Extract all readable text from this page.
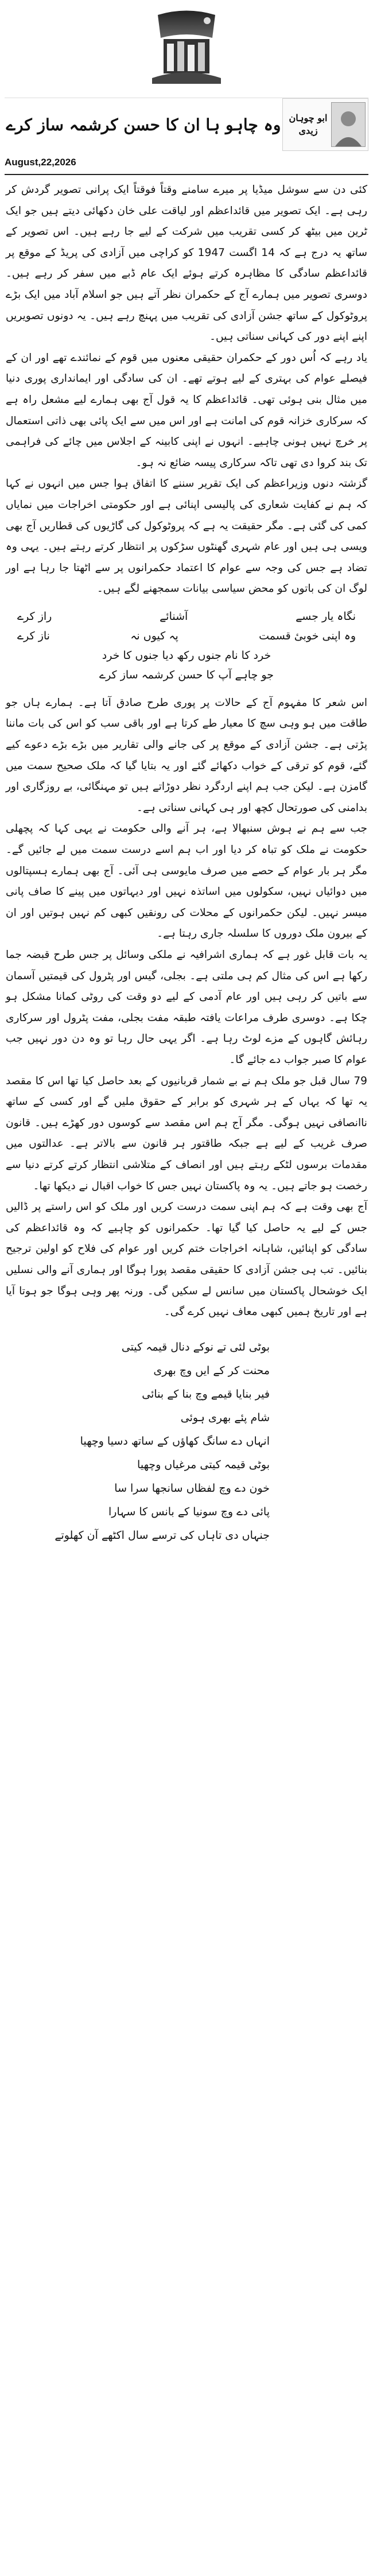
وہ چاہو ہا ان کا حسن کرشمہ ساز کرے ابو چوہان زیدی
August,22,2026

کئی دن سے سوشل میڈیا پر میرے سامنے وقتاً فوقتاً ایک پرانی تصویر گردش کر رہی ہے۔ ایک تصویر میں قائداعظم اور لیاقت علی خان دکھائی دیتے ہیں جو ایک ٹرین میں بیٹھ کر کسی تقریب میں شرکت کے لیے جا رہے ہیں۔ اس تصویر کے ساتھ یہ درج ہے کہ 14 اگست 1947 کو کراچی میں آزادی کی پریڈ کے موقع پر قائداعظم سادگی کا مظاہرہ کرتے ہوئے ایک عام ڈبے میں سفر کر رہے ہیں۔ دوسری تصویر میں ہمارے آج کے حکمران نظر آتے ہیں جو اسلام آباد میں ایک بڑے پروٹوکول کے ساتھ جشن آزادی کی تقریب میں پہنچ رہے ہیں۔ یہ دونوں تصویریں اپنے اپنے دور کی کہانی سناتی ہیں۔

یاد رہے کہ اُس دور کے حکمران حقیقی معنوں میں قوم کے نمائندے تھے اور ان کے فیصلے عوام کی بہتری کے لیے ہوتے تھے۔ ان کی سادگی اور ایمانداری پوری دنیا میں مثال بنی ہوئی تھی۔ قائداعظم کا یہ قول آج بھی ہمارے لیے مشعل راہ ہے کہ سرکاری خزانہ قوم کی امانت ہے اور اس میں سے ایک پائی بھی ذاتی استعمال پر خرچ نہیں ہونی چاہیے۔ انہوں نے اپنی کابینہ کے اجلاس میں چائے کی فراہمی تک بند کروا دی تھی تاکہ سرکاری پیسہ ضائع نہ ہو۔

گزشتہ دنوں وزیراعظم کی ایک تقریر سننے کا اتفاق ہوا جس میں انہوں نے کہا کہ ہم نے کفایت شعاری کی پالیسی اپنائی ہے اور حکومتی اخراجات میں نمایاں کمی کی گئی ہے۔ مگر حقیقت یہ ہے کہ پروٹوکول کی گاڑیوں کی قطاریں آج بھی ویسی ہی ہیں اور عام شہری گھنٹوں سڑکوں پر انتظار کرتے رہتے ہیں۔ یہی وہ تضاد ہے جس کی وجہ سے عوام کا اعتماد حکمرانوں پر سے اٹھتا جا رہا ہے اور لوگ ان کی باتوں کو محض سیاسی بیانات سمجھنے لگے ہیں۔

نگاہ یار جسے
آشنائے
راز کرے
وہ اپنی خوبیٔ قسمت
پہ کیوں نہ
ناز کرے
خرد کا نام جنوں رکھ دیا جنوں کا خرد
جو چاہے آپ کا حسن کرشمہ ساز کرے

اس شعر کا مفہوم آج کے حالات پر پوری طرح صادق آتا ہے۔ ہمارے ہاں جو طاقت میں ہو وہی سچ کا معیار طے کرتا ہے اور باقی سب کو اس کی بات ماننا پڑتی ہے۔ جشن آزادی کے موقع پر کی جانے والی تقاریر میں بڑے بڑے دعوے کیے گئے، قوم کو ترقی کے خواب دکھائے گئے اور یہ بتایا گیا کہ ملک صحیح سمت میں گامزن ہے۔ لیکن جب ہم اپنے اردگرد نظر دوڑاتے ہیں تو مہنگائی، بے روزگاری اور بدامنی کی صورتحال کچھ اور ہی کہانی سناتی ہے۔

جب سے ہم نے ہوش سنبھالا ہے، ہر آنے والی حکومت نے یہی کہا کہ پچھلی حکومت نے ملک کو تباہ کر دیا اور اب ہم اسے درست سمت میں لے جائیں گے۔ مگر ہر بار عوام کے حصے میں صرف مایوسی ہی آئی۔ آج بھی ہمارے ہسپتالوں میں دوائیاں نہیں، سکولوں میں اساتذہ نہیں اور دیہاتوں میں پینے کا صاف پانی میسر نہیں۔ لیکن حکمرانوں کے محلات کی رونقیں کبھی کم نہیں ہوتیں اور ان کے بیرون ملک دوروں کا سلسلہ جاری رہتا ہے۔

یہ بات قابل غور ہے کہ ہماری اشرافیہ نے ملکی وسائل پر جس طرح قبضہ جما رکھا ہے اس کی مثال کم ہی ملتی ہے۔ بجلی، گیس اور پٹرول کی قیمتیں آسمان سے باتیں کر رہی ہیں اور عام آدمی کے لیے دو وقت کی روٹی کمانا مشکل ہو چکا ہے۔ دوسری طرف مراعات یافتہ طبقہ مفت بجلی، مفت پٹرول اور سرکاری رہائش گاہوں کے مزے لوٹ رہا ہے۔ اگر یہی حال رہا تو وہ دن دور نہیں جب عوام کا صبر جواب دے جائے گا۔

79 سال قبل جو ملک ہم نے بے شمار قربانیوں کے بعد حاصل کیا تھا اس کا مقصد یہ تھا کہ یہاں کے ہر شہری کو برابر کے حقوق ملیں گے اور کسی کے ساتھ ناانصافی نہیں ہوگی۔ مگر آج ہم اس مقصد سے کوسوں دور کھڑے ہیں۔ قانون صرف غریب کے لیے ہے جبکہ طاقتور ہر قانون سے بالاتر ہے۔ عدالتوں میں مقدمات برسوں لٹکے رہتے ہیں اور انصاف کے متلاشی انتظار کرتے کرتے دنیا سے رخصت ہو جاتے ہیں۔ یہ وہ پاکستان نہیں جس کا خواب اقبال نے دیکھا تھا۔

آج بھی وقت ہے کہ ہم اپنی سمت درست کریں اور ملک کو اس راستے پر ڈالیں جس کے لیے یہ حاصل کیا گیا تھا۔ حکمرانوں کو چاہیے کہ وہ قائداعظم کی سادگی کو اپنائیں، شاہانہ اخراجات ختم کریں اور عوام کی فلاح کو اولین ترجیح بنائیں۔ تب ہی جشن آزادی کا حقیقی مقصد پورا ہوگا اور ہماری آنے والی نسلیں ایک خوشحال پاکستان میں سانس لے سکیں گی۔ ورنہ پھر وہی ہوگا جو ہوتا آیا ہے اور تاریخ ہمیں کبھی معاف نہیں کرے گی۔

بوٹی لئی تے نوکے دنال قیمہ کیتی
محنت کر کے ایں وچ بھری
فیر بنایا قیمے وچ بنا کے بنائی
شام پئے بھری ہوئی
انہاں دے سانگ کھاؤں کے ساتھ دسیا وچھیا
بوٹی قیمہ کیتی مرغیاں وچھیا
خون دے وچ لفظاں سانجھا سرا سا
پائی دے وچ سونیا کے بانس کا سہارا
جنہاں دی تاہاں کی ترسے سال اکٹھے آن کھلوتے
